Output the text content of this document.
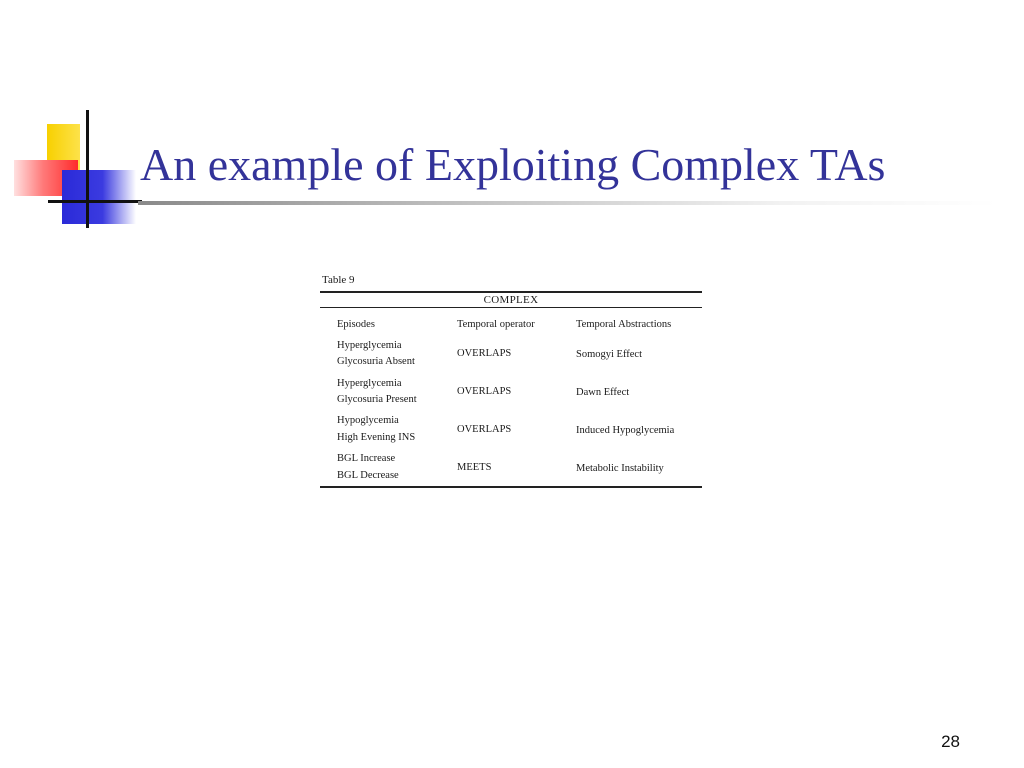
An example of Exploiting Complex TAs
Table 9
COMPLEX
Episodes	Temporal operator	Temporal Abstractions
Hyperglycemia
Glycosuria Absent
OVERLAPS	Somogyi Effect
Hyperglycemia
Glycosuria Present
OVERLAPS	Dawn Effect
Hypoglycemia
High Evening INS
OVERLAPS	Induced Hypoglycemia
BGL Increase
BGL Decrease
MEETS	Metabolic Instability
28
